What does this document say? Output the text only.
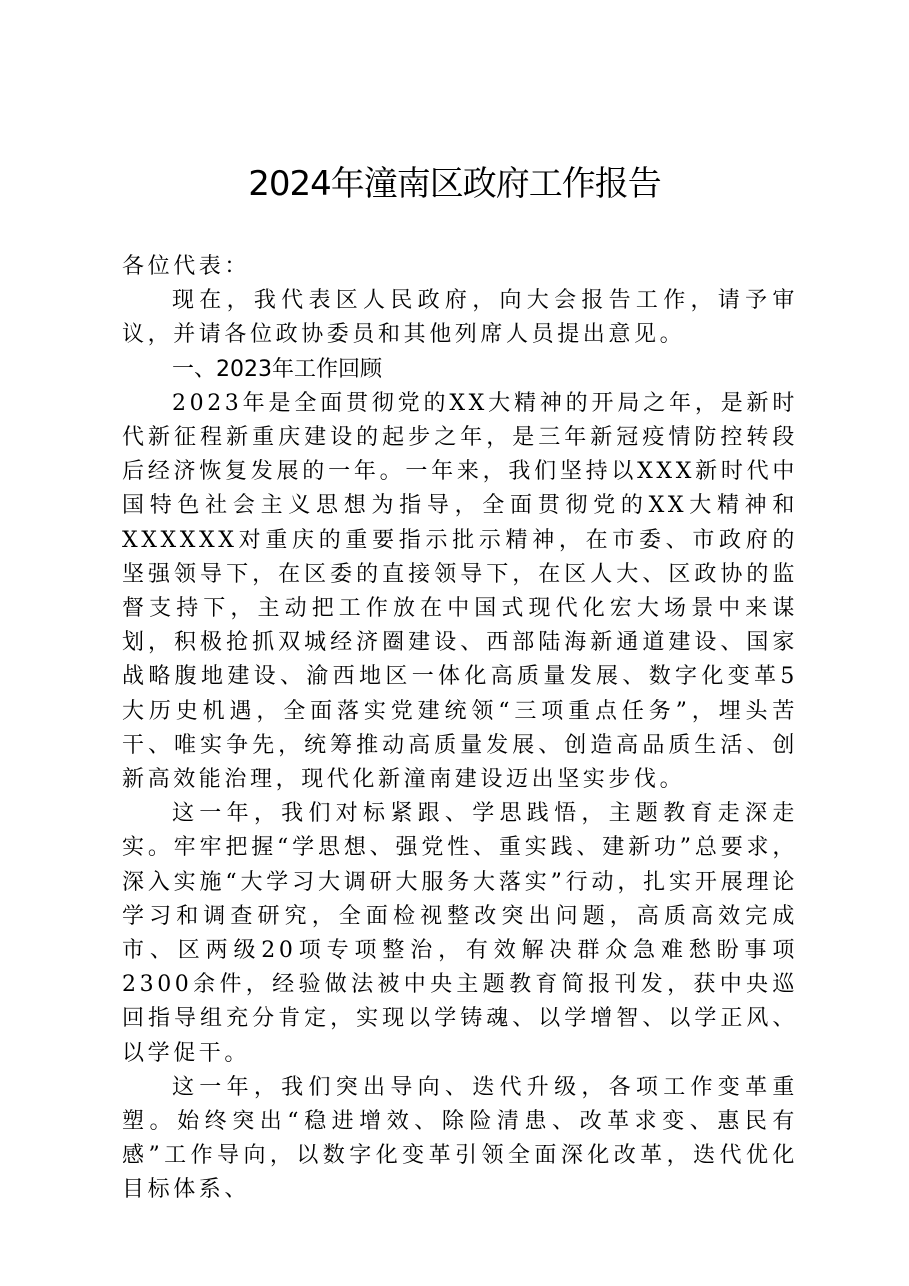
2024年潼南区政府工作报告

各位代表：

现在，我代表区人民政府，向大会报告工作，请予审议，并请各位政协委员和其他列席人员提出意见。

一、2023年工作回顾

2023年是全面贯彻党的XX大精神的开局之年，是新时代新征程新重庆建设的起步之年，是三年新冠疫情防控转段后经济恢复发展的一年。一年来，我们坚持以XXX新时代中国特色社会主义思想为指导，全面贯彻党的XX大精神和XXXXXX对重庆的重要指示批示精神，在市委、市政府的坚强领导下，在区委的直接领导下，在区人大、区政协的监督支持下，主动把工作放在中国式现代化宏大场景中来谋划，积极抢抓双城经济圈建设、西部陆海新通道建设、国家战略腹地建设、渝西地区一体化高质量发展、数字化变革5大历史机遇，全面落实党建统领“三项重点任务”，埋头苦干、唯实争先，统筹推动高质量发展、创造高品质生活、创新高效能治理，现代化新潼南建设迈出坚实步伐。

这一年，我们对标紧跟、学思践悟，主题教育走深走实。牢牢把握“学思想、强党性、重实践、建新功”总要求，深入实施“大学习大调研大服务大落实”行动，扎实开展理论学习和调查研究，全面检视整改突出问题，高质高效完成市、区两级20项专项整治，有效解决群众急难愁盼事项2300余件，经验做法被中央主题教育简报刊发，获中央巡回指导组充分肯定，实现以学铸魂、以学增智、以学正风、以学促干。

这一年，我们突出导向、迭代升级，各项工作变革重塑。始终突出“稳进增效、除险清患、改革求变、惠民有感”工作导向，以数字化变革引领全面深化改革，迭代优化目标体系、
